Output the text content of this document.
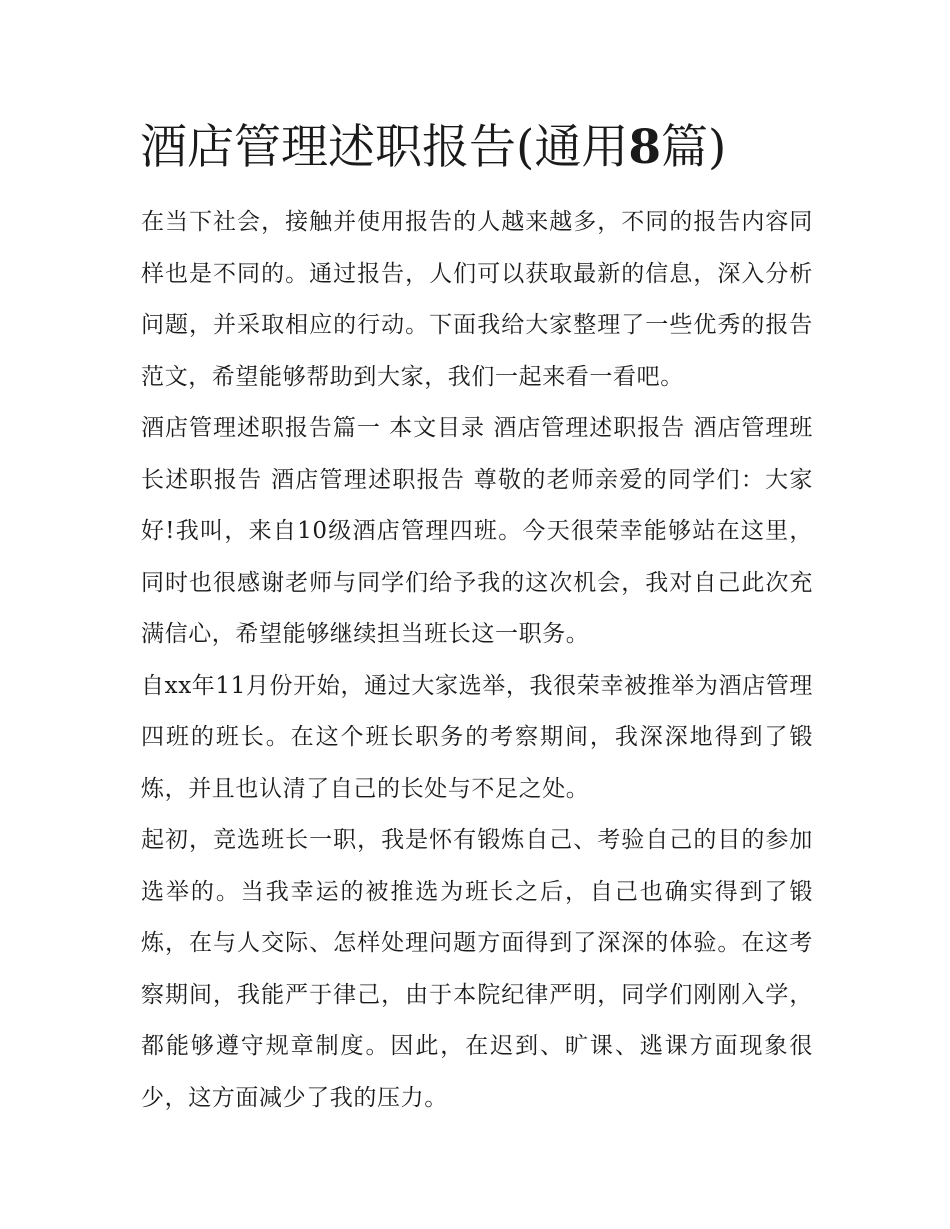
酒店管理述职报告(通用8篇)

在当下社会，接触并使用报告的人越来越多，不同的报告内容同样也是不同的。通过报告，人们可以获取最新的信息，深入分析问题，并采取相应的行动。下面我给大家整理了一些优秀的报告范文，希望能够帮助到大家，我们一起来看一看吧。

酒店管理述职报告篇一 本文目录 酒店管理述职报告 酒店管理班长述职报告 酒店管理述职报告 尊敬的老师亲爱的同学们：大家好!我叫，来自10级酒店管理四班。今天很荣幸能够站在这里，同时也很感谢老师与同学们给予我的这次机会，我对自己此次充满信心，希望能够继续担当班长这一职务。

自xx年11月份开始，通过大家选举，我很荣幸被推举为酒店管理四班的班长。在这个班长职务的考察期间，我深深地得到了锻炼，并且也认清了自己的长处与不足之处。

起初，竞选班长一职，我是怀有锻炼自己、考验自己的目的参加选举的。当我幸运的被推选为班长之后，自己也确实得到了锻炼，在与人交际、怎样处理问题方面得到了深深的体验。在这考察期间，我能严于律己，由于本院纪律严明，同学们刚刚入学，都能够遵守规章制度。因此，在迟到、旷课、逃课方面现象很少，这方面减少了我的压力。
